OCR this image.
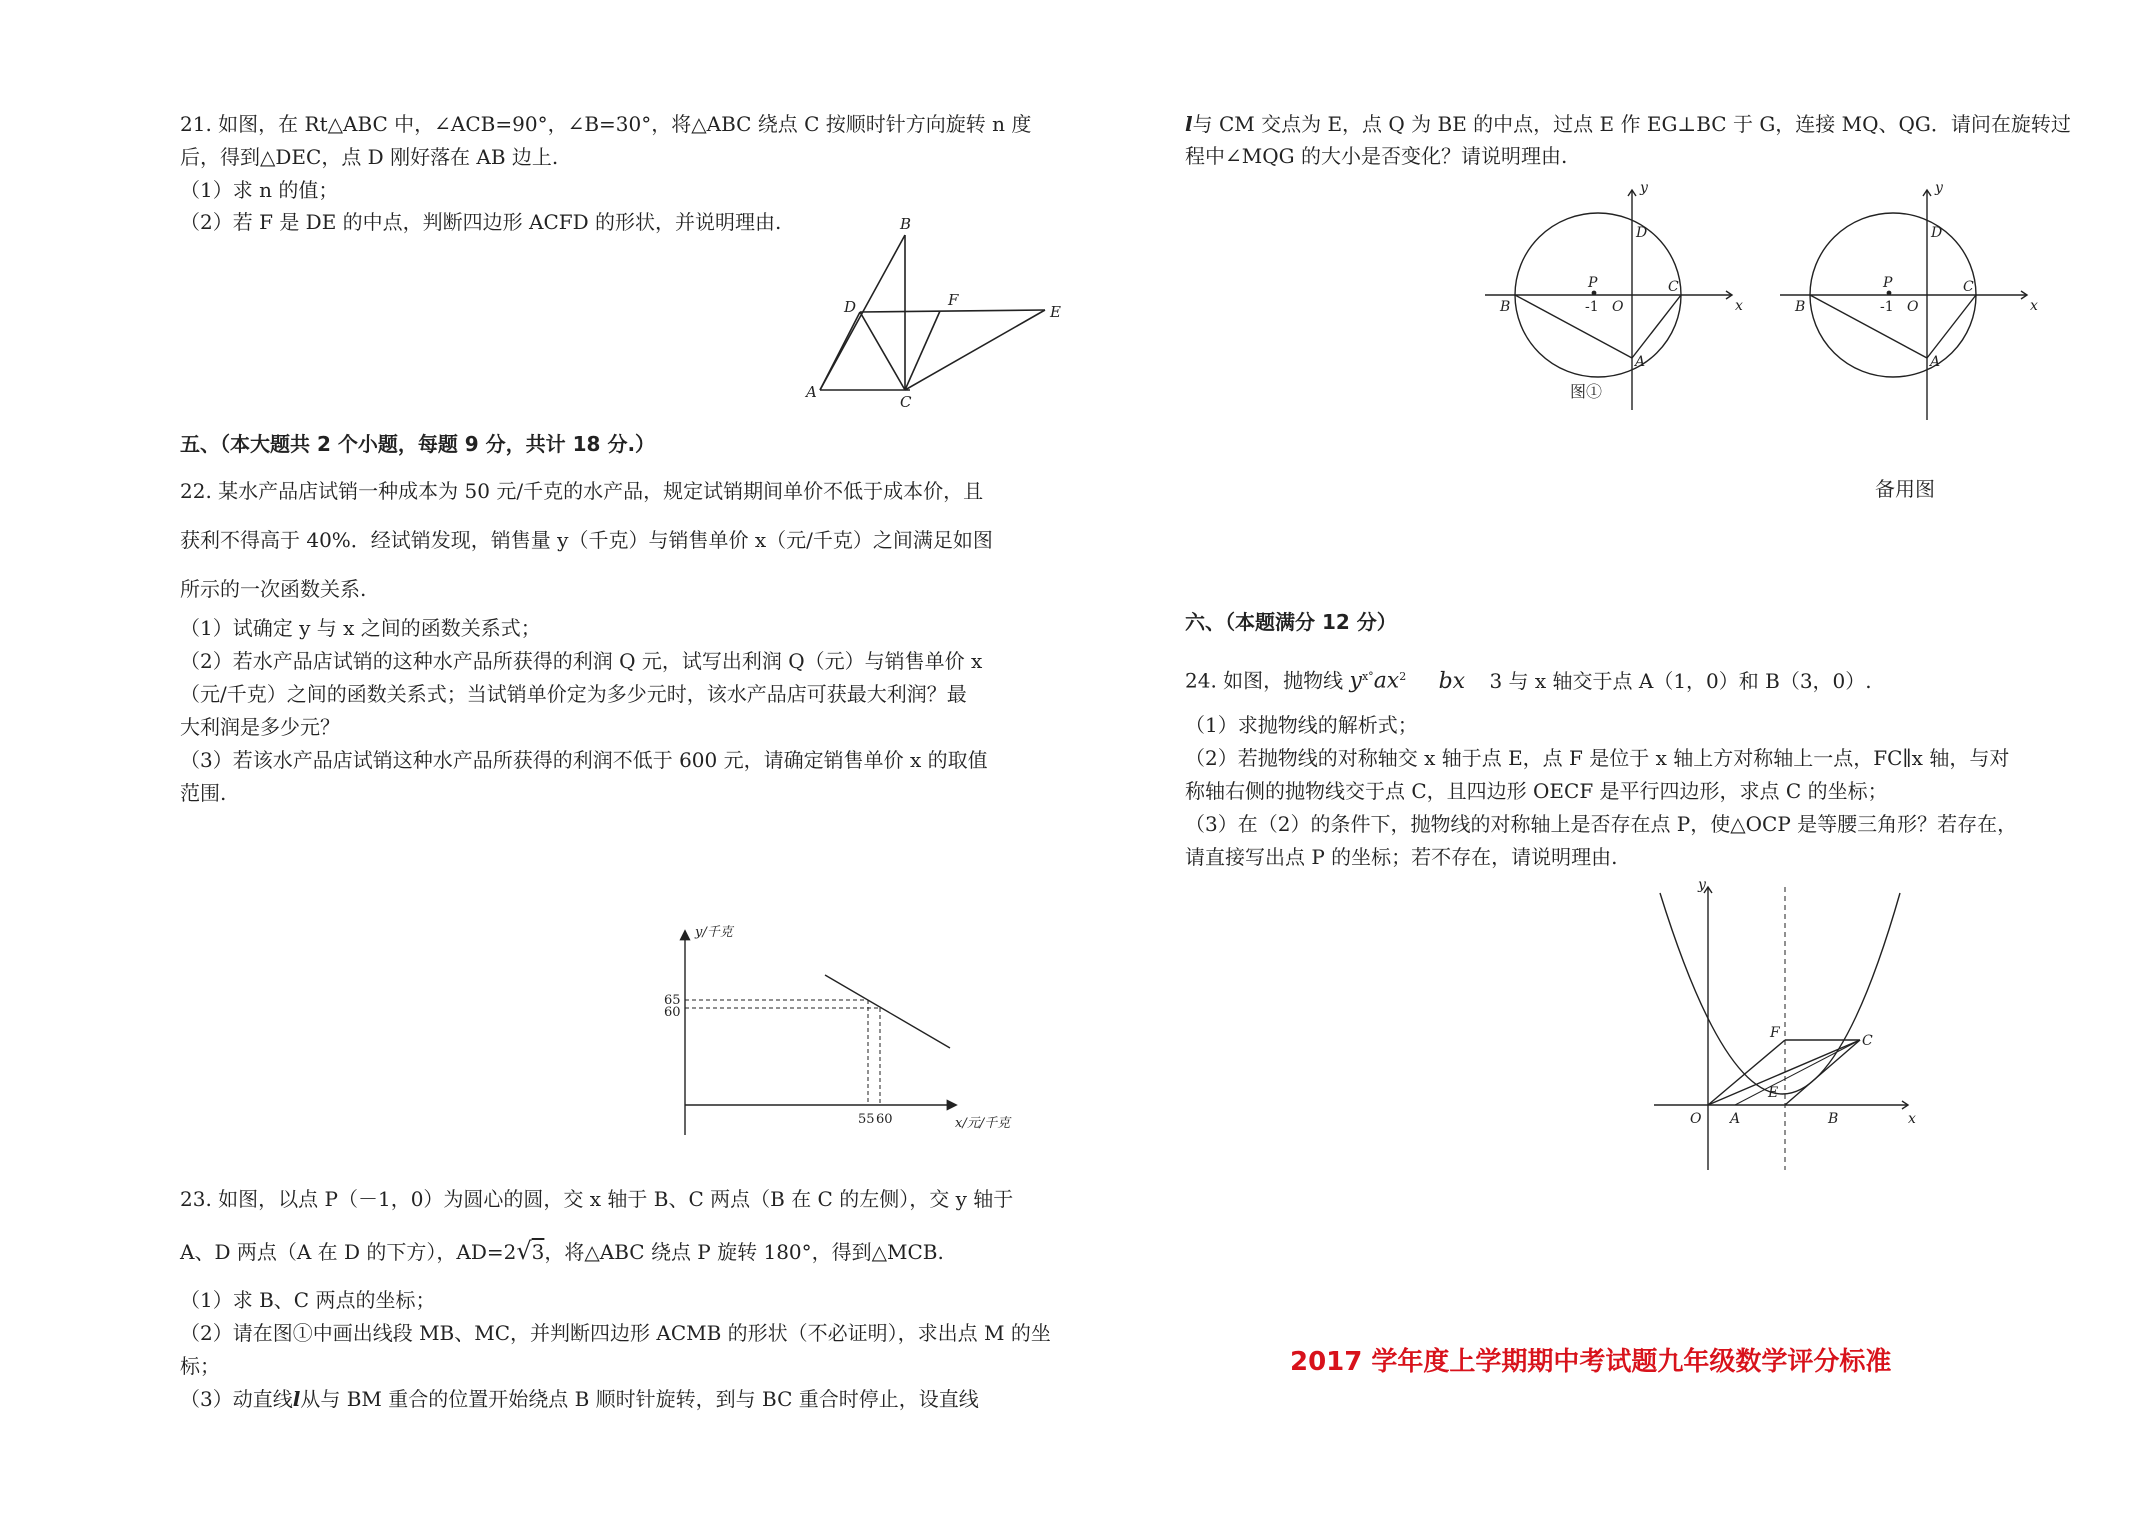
21. 如图，在 Rt△ABC 中，∠ACB=90°，∠B=30°，将△ABC 绕点 C 按顺时针方向旋转 n 度
后，得到△DEC，点 D 刚好落在 AB 边上.
（1）求 n 的值；
（2）若 F 是 DE 的中点，判断四边形 ACFD 的形状，并说明理由.	B
D	F
E
A
C
五、（本大题共 2 个小题，每题 9 分，共计 18 分.）
22. 某水产品店试销一种成本为 50 元/千克的水产品，规定试销期间单价不低于成本价，且
获利不得高于 40%．经试销发现，销售量 y（千克）与销售单价 x（元/千克）之间满足如图
所示的一次函数关系.
（1）试确定 y 与 x 之间的函数关系式；
（2）若水产品店试销的这种水产品所获得的利润 Q 元，试写出利润 Q（元）与销售单价 x
（元/千克）之间的函数关系式；当试销单价定为多少元时，该水产品店可获最大利润？最
大利润是多少元？
（3）若该水产品店试销这种水产品所获得的利润不低于 600 元，请确定销售单价 x 的取值
范围.
y/千克
65
60
55 60	x/元/千克
23. 如图，以点 P（－1，0）为圆心的圆，交 x 轴于 B、C 两点（B 在 C 的左侧），交 y 轴于
A、D 两点（A 在 D 的下方），AD=2√3，将△ABC 绕点 P 旋转 180°，得到△MCB.
（1）求 B、C 两点的坐标；
（2）请在图①中画出线段 MB、MC，并判断四边形 ACMB 的形状（不必证明），求出点 M 的坐
标；
（3）动直线l从与 BM 重合的位置开始绕点 B 顺时针旋转，到与 BC 重合时停止，设直线
l与 CM 交点为 E，点 Q 为 BE 的中点，过点 E 作 EG⊥BC 于 G，连接 MQ、QG．请问在旋转过
程中∠MQG 的大小是否变化？请说明理由.
y
x
D
P
-1 O
C
B
A
图①
y
x
D
P
-1 O
C
B
A
备用图
六、（本题满分 12 分）
24. 如图，抛物线 $y^{x^\circ}ax^2$ bx 3 与 x 轴交于点 A（1，0）和 B（3，0）.
（1）求抛物线的解析式；
（2）若抛物线的对称轴交 x 轴于点 E，点 F 是位于 x 轴上方对称轴上一点，FC∥x 轴，与对
称轴右侧的抛物线交于点 C，且四边形 OECF 是平行四边形，求点 C 的坐标；
（3）在（2）的条件下，抛物线的对称轴上是否存在点 P，使△OCP 是等腰三角形？若存在，
请直接写出点 P 的坐标；若不存在，请说明理由.
y
x
O A	B
E
F	C
2017 学年度上学期期中考试题九年级数学评分标准
